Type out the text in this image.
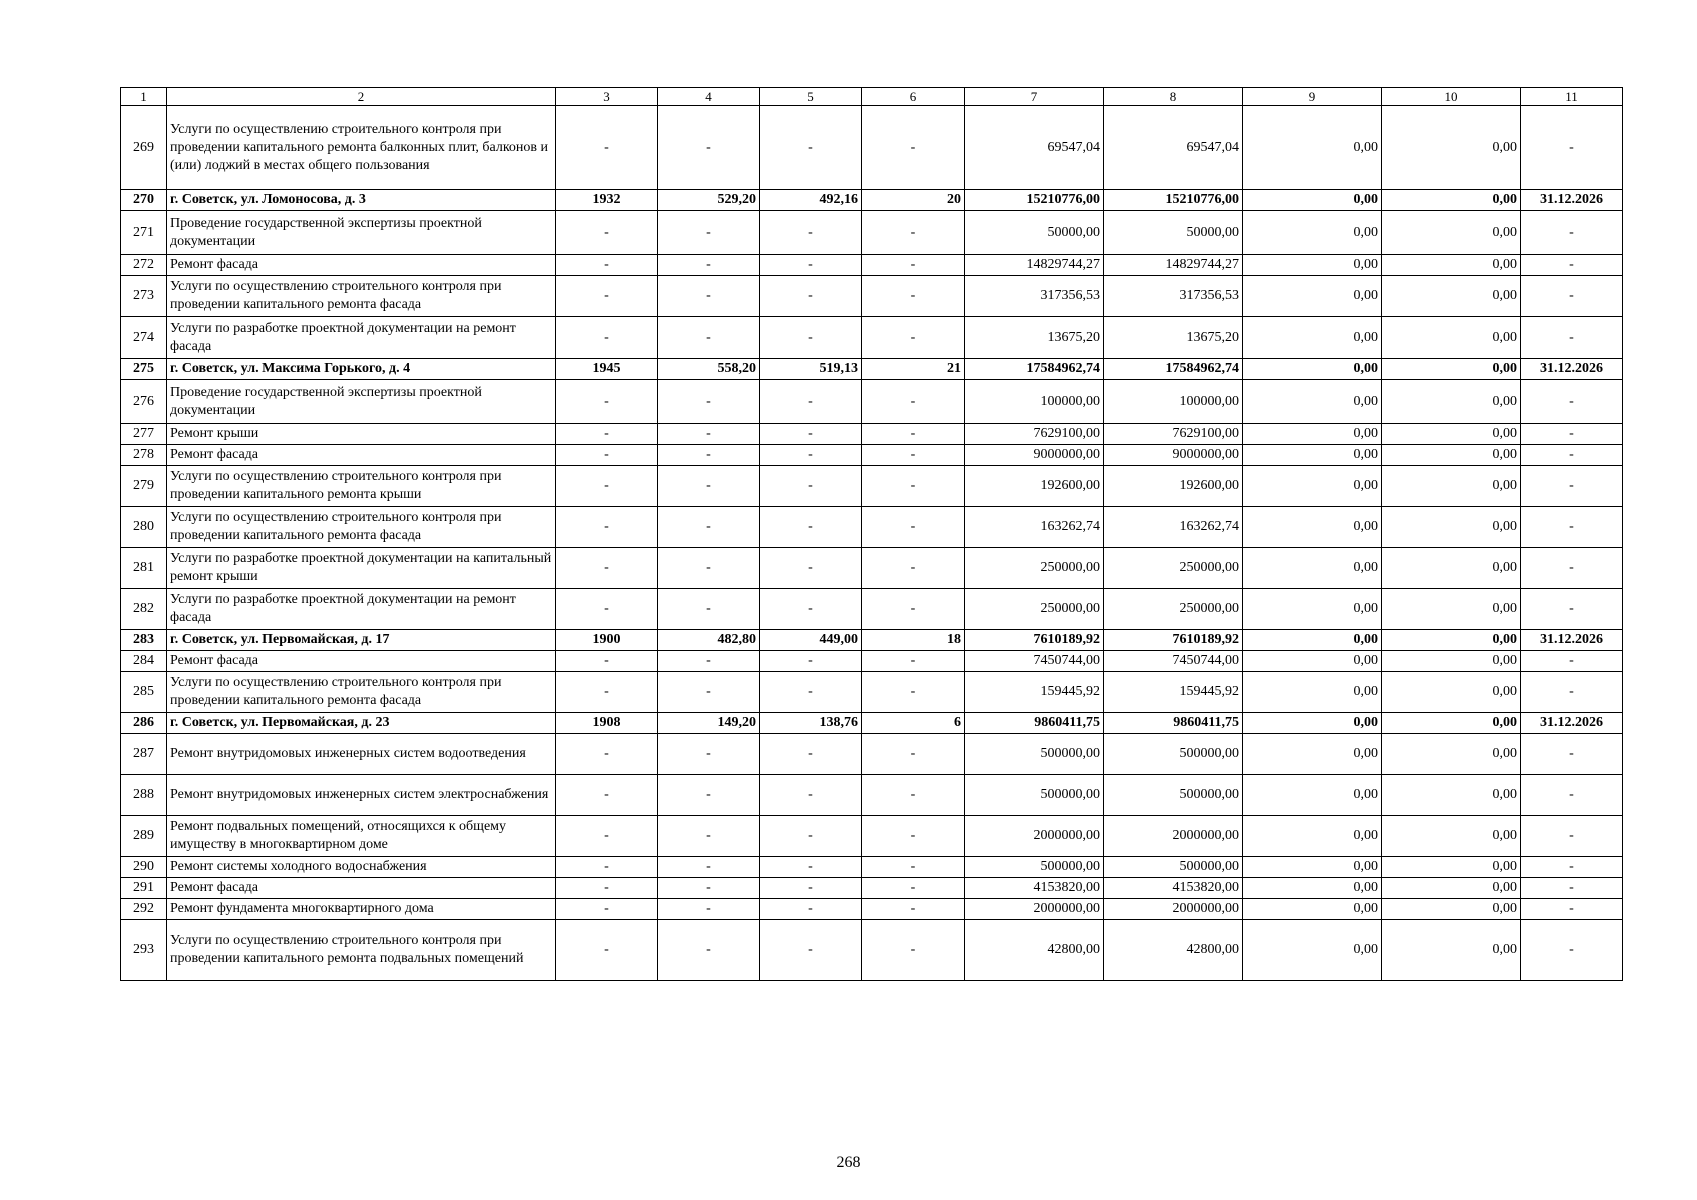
1	2	3	4	5	6	7	8	9	10	11
269	Услуги по осуществлению строительного контроля при проведении капитального ремонта балконных плит, балконов и (или) лоджий в местах общего пользования	-	-	-	-	69547,04	69547,04	0,00	0,00	-
270	г. Советск, ул. Ломоносова, д. 3	1932	529,20	492,16	20	15210776,00	15210776,00	0,00	0,00	31.12.2026
271	Проведение государственной экспертизы проектной документации	-	-	-	-	50000,00	50000,00	0,00	0,00	-
272	Ремонт фасада	-	-	-	-	14829744,27	14829744,27	0,00	0,00	-
273	Услуги по осуществлению строительного контроля при проведении капитального ремонта фасада	-	-	-	-	317356,53	317356,53	0,00	0,00	-
274	Услуги по разработке проектной документации на ремонт фасада	-	-	-	-	13675,20	13675,20	0,00	0,00	-
275	г. Советск, ул. Максима Горького, д. 4	1945	558,20	519,13	21	17584962,74	17584962,74	0,00	0,00	31.12.2026
276	Проведение государственной экспертизы проектной документации	-	-	-	-	100000,00	100000,00	0,00	0,00	-
277	Ремонт крыши	-	-	-	-	7629100,00	7629100,00	0,00	0,00	-
278	Ремонт фасада	-	-	-	-	9000000,00	9000000,00	0,00	0,00	-
279	Услуги по осуществлению строительного контроля при проведении капитального ремонта крыши	-	-	-	-	192600,00	192600,00	0,00	0,00	-
280	Услуги по осуществлению строительного контроля при проведении капитального ремонта фасада	-	-	-	-	163262,74	163262,74	0,00	0,00	-
281	Услуги по разработке проектной документации на капитальный ремонт крыши	-	-	-	-	250000,00	250000,00	0,00	0,00	-
282	Услуги по разработке проектной документации на ремонт фасада	-	-	-	-	250000,00	250000,00	0,00	0,00	-
283	г. Советск, ул. Первомайская, д. 17	1900	482,80	449,00	18	7610189,92	7610189,92	0,00	0,00	31.12.2026
284	Ремонт фасада	-	-	-	-	7450744,00	7450744,00	0,00	0,00	-
285	Услуги по осуществлению строительного контроля при проведении капитального ремонта фасада	-	-	-	-	159445,92	159445,92	0,00	0,00	-
286	г. Советск, ул. Первомайская, д. 23	1908	149,20	138,76	6	9860411,75	9860411,75	0,00	0,00	31.12.2026
287	Ремонт внутридомовых инженерных систем водоотведения	-	-	-	-	500000,00	500000,00	0,00	0,00	-
288	Ремонт внутридомовых инженерных систем электроснабжения	-	-	-	-	500000,00	500000,00	0,00	0,00	-
289	Ремонт подвальных помещений, относящихся к общему имуществу в многоквартирном доме	-	-	-	-	2000000,00	2000000,00	0,00	0,00	-
290	Ремонт системы холодного водоснабжения	-	-	-	-	500000,00	500000,00	0,00	0,00	-
291	Ремонт фасада	-	-	-	-	4153820,00	4153820,00	0,00	0,00	-
292	Ремонт фундамента многоквартирного дома	-	-	-	-	2000000,00	2000000,00	0,00	0,00	-
293	Услуги по осуществлению строительного контроля при проведении капитального ремонта подвальных помещений	-	-	-	-	42800,00	42800,00	0,00	0,00	-
268
